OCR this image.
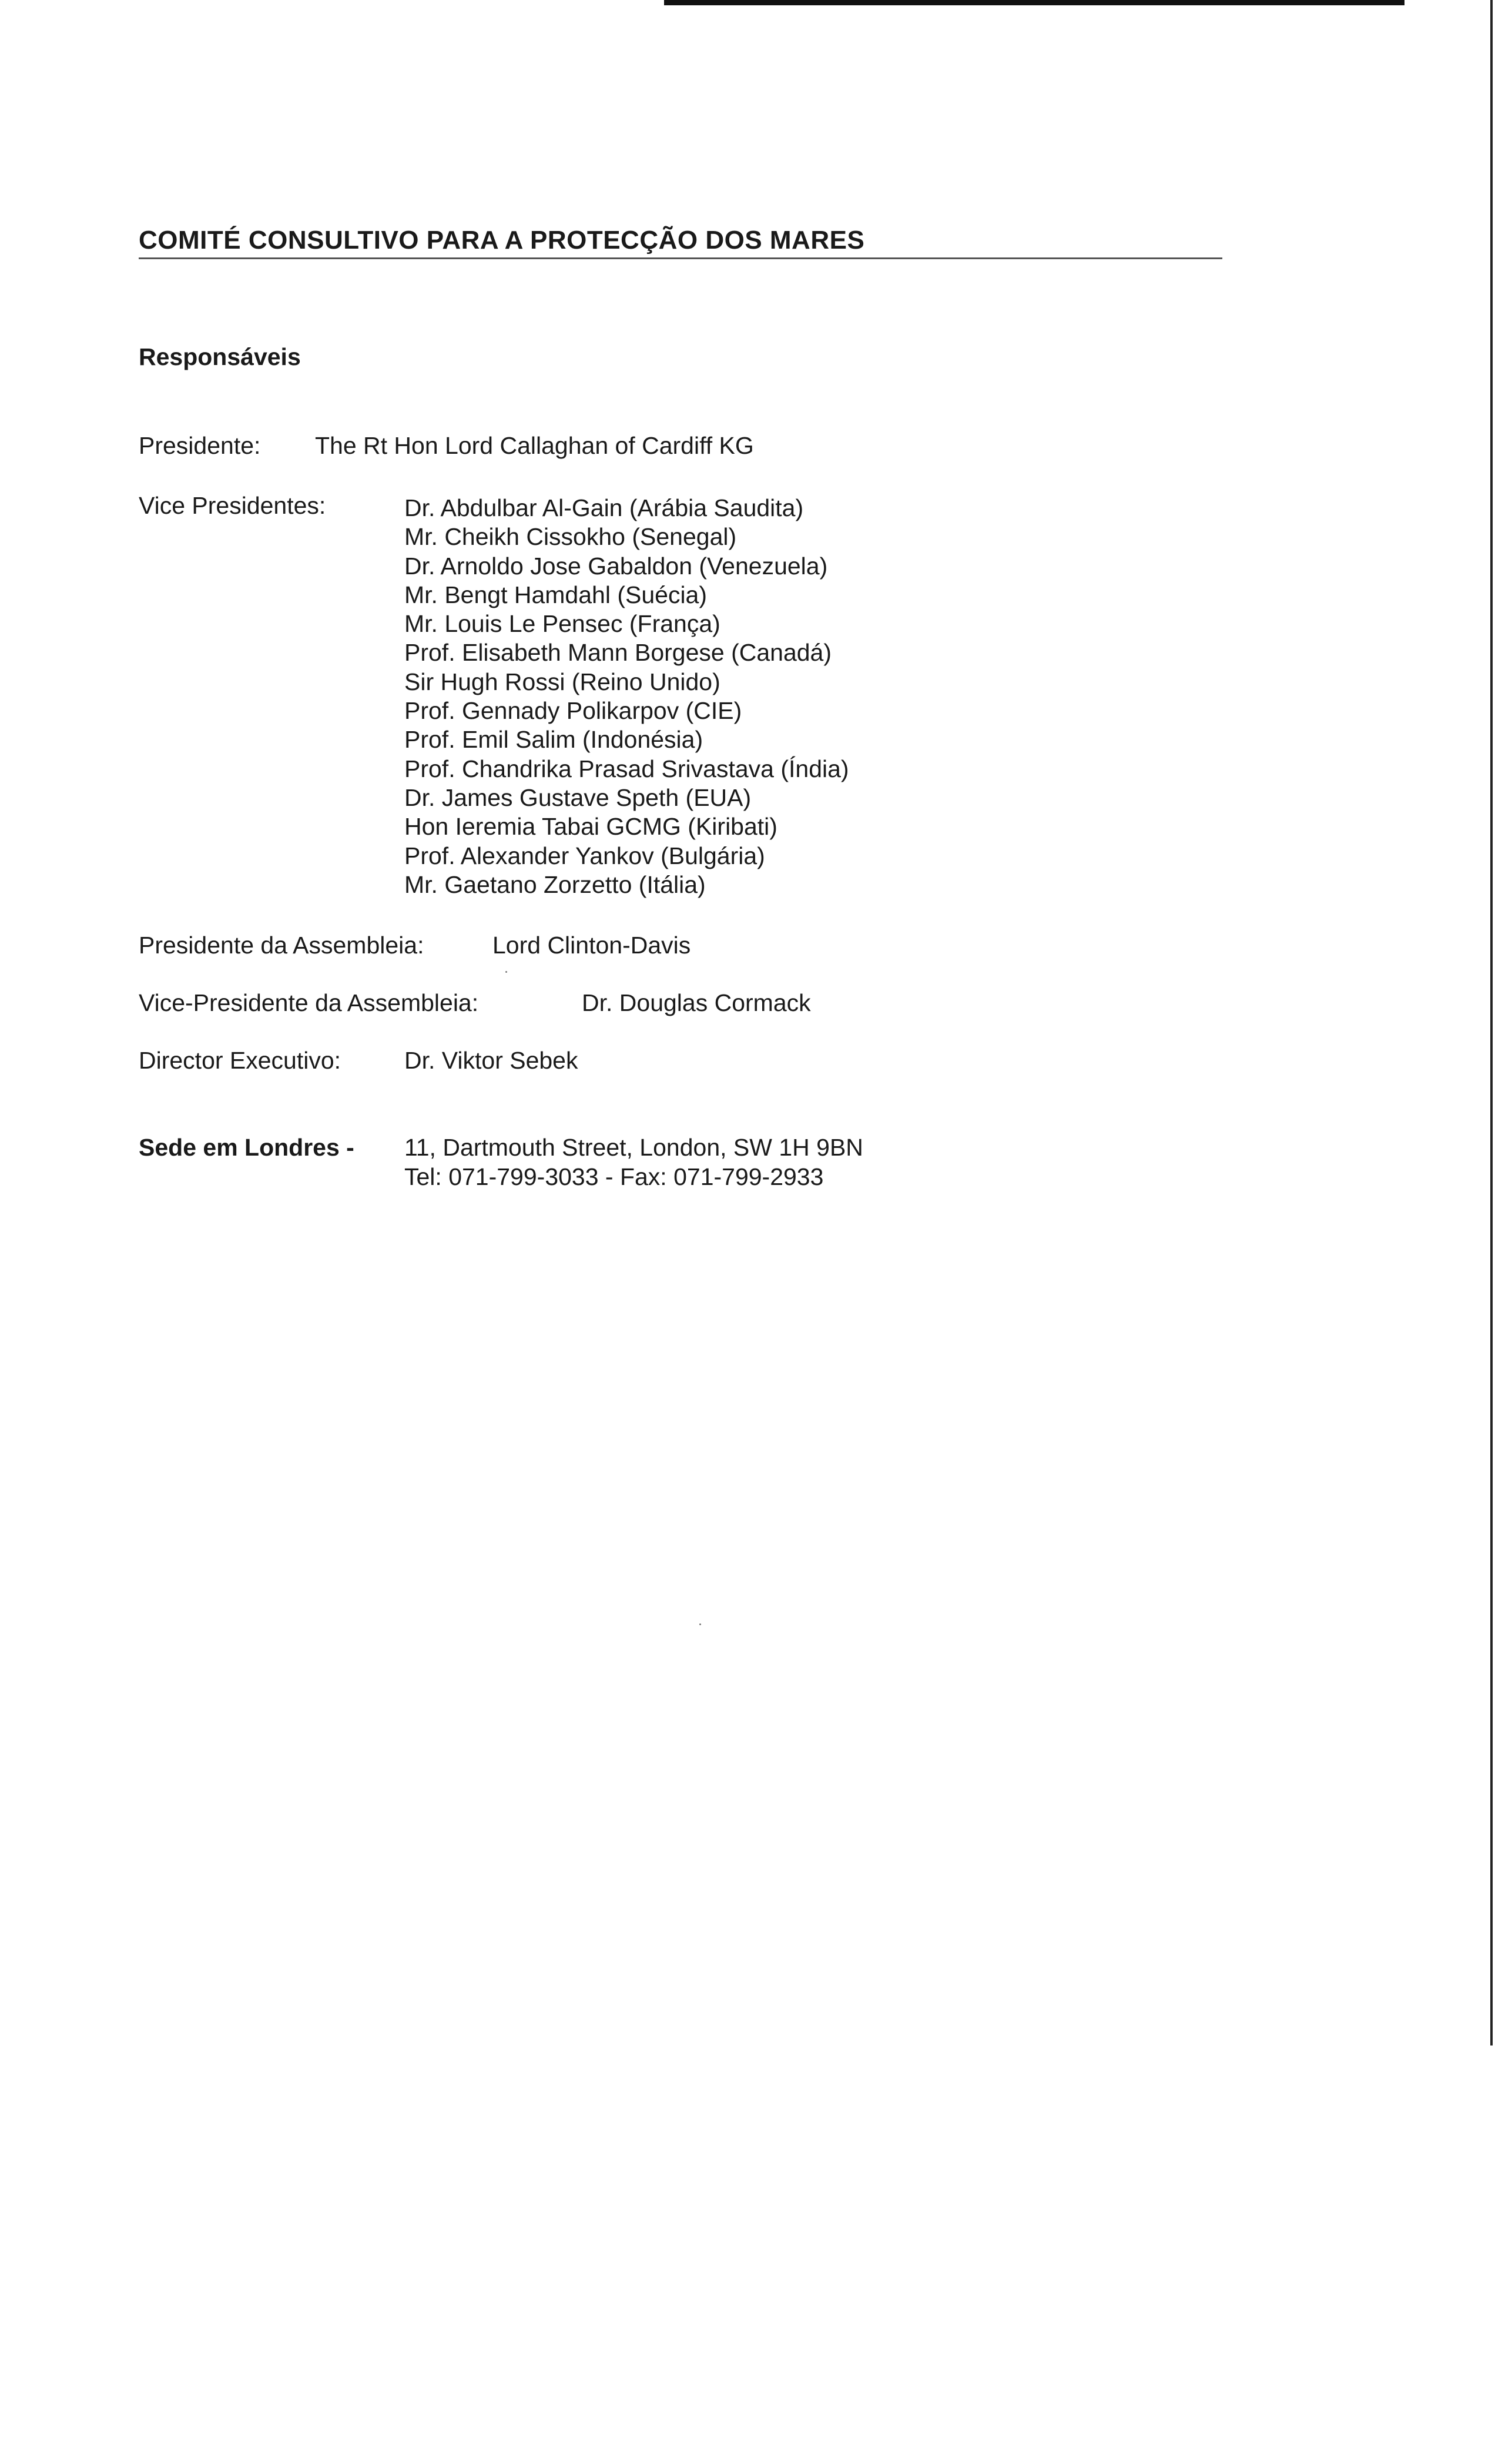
COMITÉ CONSULTIVO PARA A PROTECÇÃO DOS MARES
Responsáveis
Presidente: The Rt Hon Lord Callaghan of Cardiff KG
Vice Presidentes:	Dr. Abdulbar Al-Gain (Arábia Saudita)
Mr. Cheikh Cissokho (Senegal)
Dr. Arnoldo Jose Gabaldon (Venezuela)
Mr. Bengt Hamdahl (Suécia)
Mr. Louis Le Pensec (França)
Prof. Elisabeth Mann Borgese (Canadá)
Sir Hugh Rossi (Reino Unido)
Prof. Gennady Polikarpov (CIE)
Prof. Emil Salim (Indonésia)
Prof. Chandrika Prasad Srivastava (Índia)
Dr. James Gustave Speth (EUA)
Hon Ieremia Tabai GCMG (Kiribati)
Prof. Alexander Yankov (Bulgária)
Mr. Gaetano Zorzetto (Itália)
Presidente da Assembleia:	Lord Clinton-Davis
Vice-Presidente da Assembleia:	Dr. Douglas Cormack
Director Executivo:	Dr. Viktor Sebek
Sede em Londres - 11, Dartmouth Street, London, SW 1H 9BN
Tel: 071-799-3033 - Fax: 071-799-2933
